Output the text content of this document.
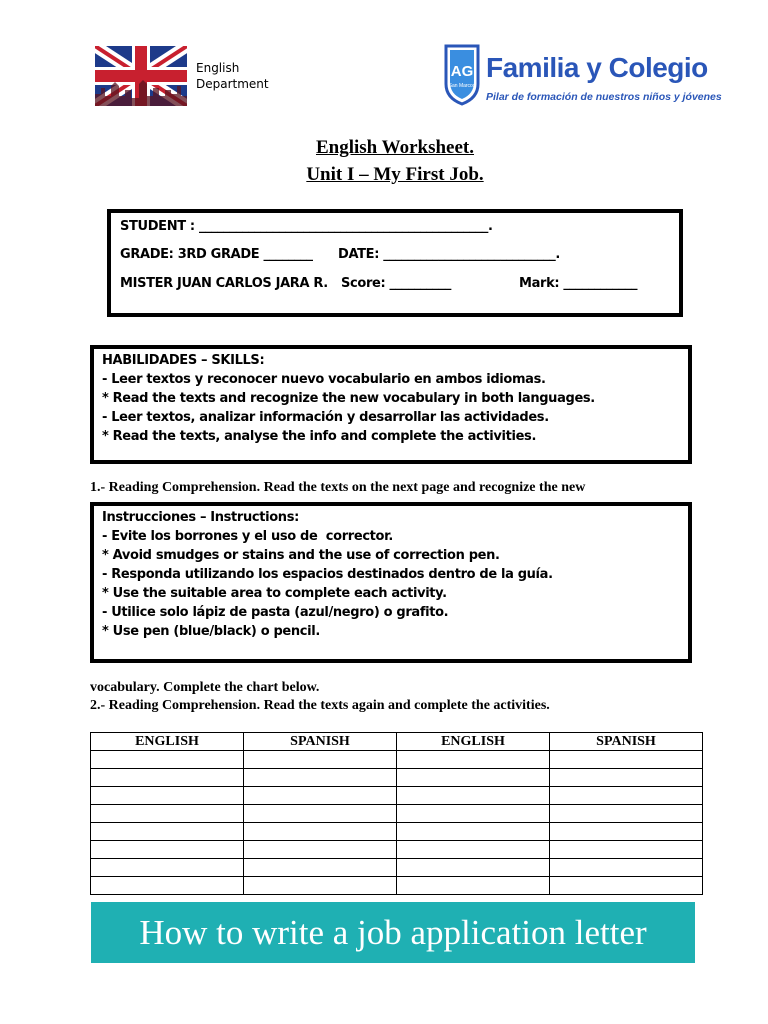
English
Department
AG
San Marcos
Familia y Colegio
Pilar de formación de nuestros niños y jóvenes
English Worksheet.
Unit I – My First Job.
STUDENT : _______________________________________________.
GRADE: 3RD GRADE ________ DATE: ____________________________.
MISTER JUAN CARLOS JARA R. Score: __________	Mark: ____________
HABILIDADES – SKILLS:
- Leer textos y reconocer nuevo vocabulario en ambos idiomas.
* Read the texts and recognize the new vocabulary in both languages.
- Leer textos, analizar información y desarrollar las actividades.
* Read the texts, analyse the info and complete the activities.
1.- Reading Comprehension. Read the texts on the next page and recognize the new
Instrucciones – Instructions:
- Evite los borrones y el uso de  corrector.
* Avoid smudges or stains and the use of correction pen.
- Responda utilizando los espacios destinados dentro de la guía.
* Use the suitable area to complete each activity.
- Utilice solo lápiz de pasta (azul/negro) o grafito.
* Use pen (blue/black) o pencil.
vocabulary. Complete the chart below.
2.- Reading Comprehension. Read the texts again and complete the activities.
ENGLISH	SPANISH	ENGLISH	SPANISH

How to write a job application letter
